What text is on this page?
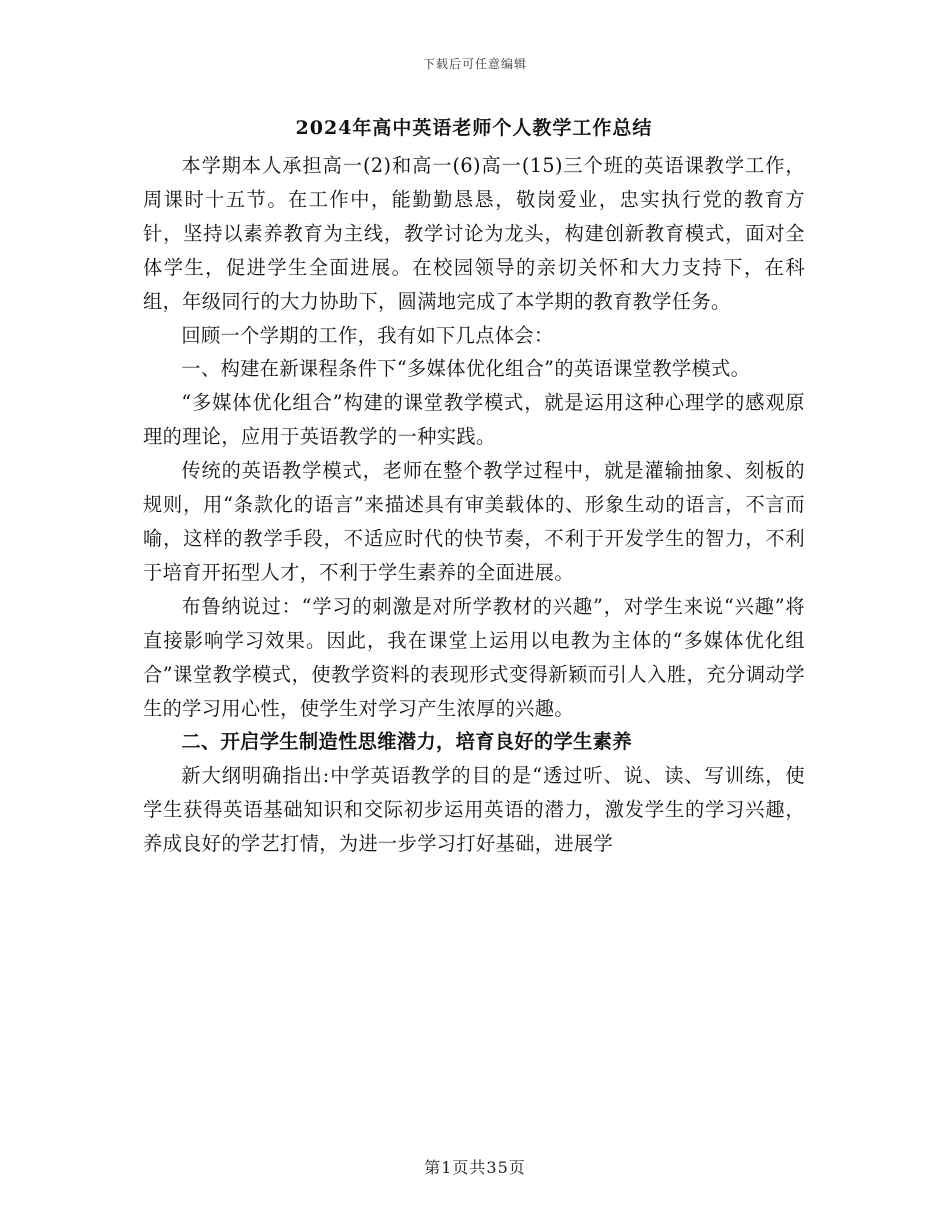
下载后可任意编辑
2024年高中英语老师个人教学工作总结

本学期本人承担高一(2)和高一(6)高一(15)三个班的英语课教学工作，周课时十五节。在工作中，能勤勤恳恳，敬岗爱业，忠实执行党的教育方针，坚持以素养教育为主线，教学讨论为龙头，构建创新教育模式，面对全体学生，促进学生全面进展。在校园领导的亲切关怀和大力支持下，在科组，年级同行的大力协助下，圆满地完成了本学期的教育教学任务。

回顾一个学期的工作，我有如下几点体会：

一、构建在新课程条件下“多媒体优化组合”的英语课堂教学模式。

“多媒体优化组合”构建的课堂教学模式，就是运用这种心理学的感观原理的理论，应用于英语教学的一种实践。

传统的英语教学模式，老师在整个教学过程中，就是灌输抽象、刻板的规则，用“条款化的语言”来描述具有审美载体的、形象生动的语言，不言而喻，这样的教学手段，不适应时代的快节奏，不利于开发学生的智力，不利于培育开拓型人才，不利于学生素养的全面进展。

布鲁纳说过：“学习的刺激是对所学教材的兴趣”，对学生来说“兴趣”将直接影响学习效果。因此，我在课堂上运用以电教为主体的“多媒体优化组合”课堂教学模式，使教学资料的表现形式变得新颖而引人入胜，充分调动学生的学习用心性，使学生对学习产生浓厚的兴趣。

二、开启学生制造性思维潜力，培育良好的学生素养

新大纲明确指出:中学英语教学的目的是“透过听、说、读、写训练，使学生获得英语基础知识和交际初步运用英语的潜力，激发学生的学习兴趣，养成良好的学艺打情，为进一步学习打好基础，进展学

第1页共35页
